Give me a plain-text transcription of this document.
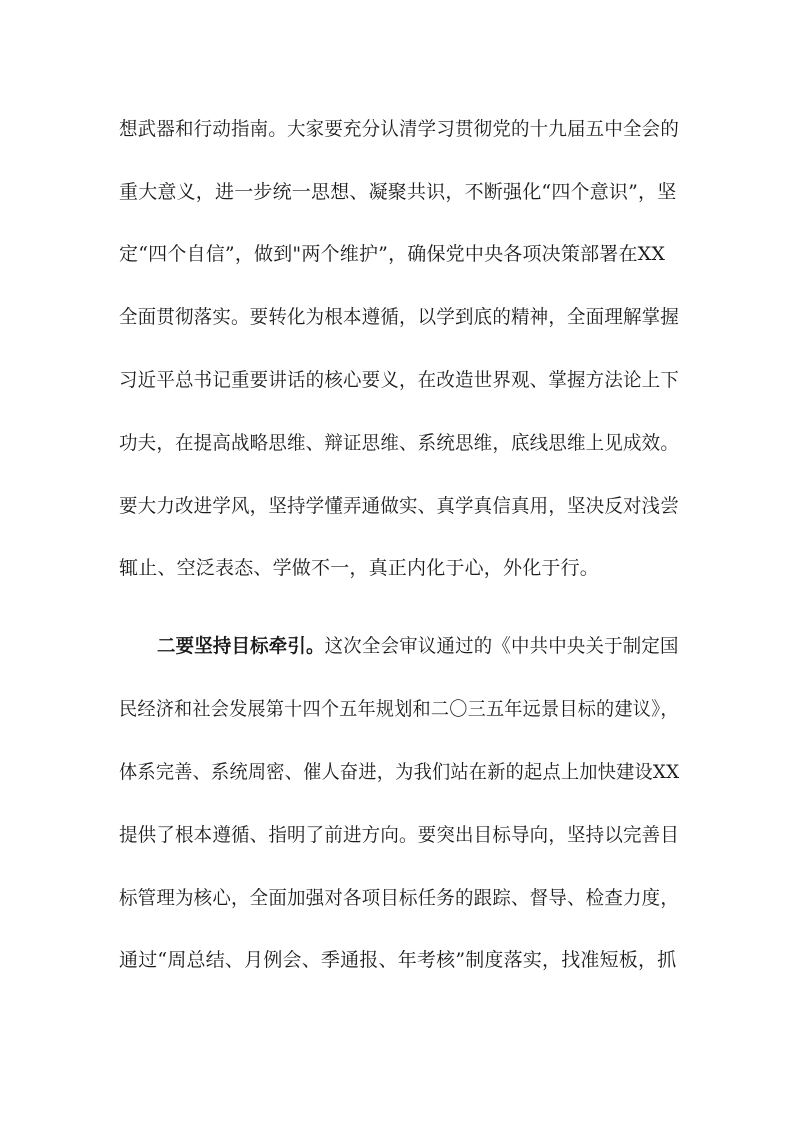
想武器和行动指南。大家要充分认清学习贯彻党的十九届五中全会的
重大意义，进一步统一思想、凝聚共识，不断强化“四个意识”，坚
定“四个自信”，做到"两个维护”，确保党中央各项决策部署在XX
全面贯彻落实。要转化为根本遵循，以学到底的精神，全面理解掌握
习近平总书记重要讲话的核心要义，在改造世界观、掌握方法论上下
功夫，在提高战略思维、辩证思维、系统思维，底线思维上见成效。
要大力改进学风，坚持学懂弄通做实、真学真信真用，坚决反对浅尝
辄止、空泛表态、学做不一，真正内化于心，外化于行。
二要坚持目标牵引。这次全会审议通过的《中共中央关于制定国
民经济和社会发展第十四个五年规划和二〇三五年远景目标的建议》，
体系完善、系统周密、催人奋进，为我们站在新的起点上加快建设XX
提供了根本遵循、指明了前进方向。要突出目标导向，坚持以完善目
标管理为核心，全面加强对各项目标任务的跟踪、督导、检查力度，
通过“周总结、月例会、季通报、年考核”制度落实，找准短板，抓
